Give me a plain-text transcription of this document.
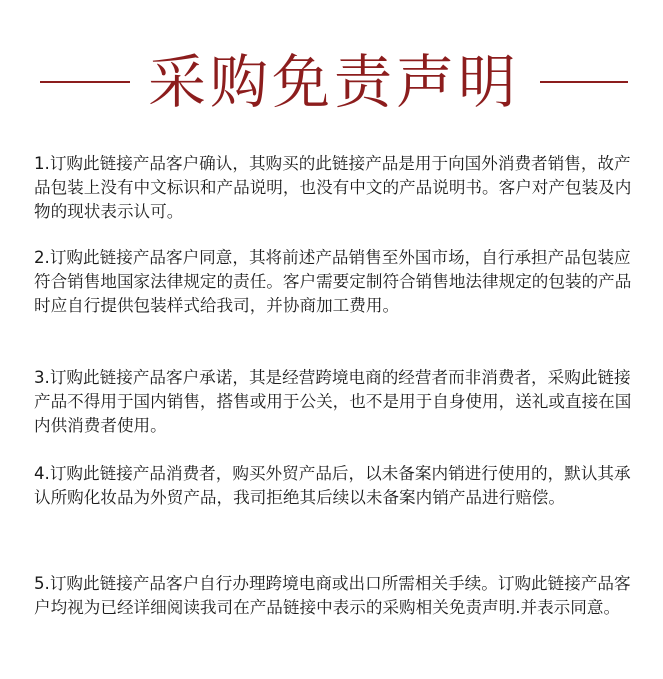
采购免责声明

1.订购此链接产品客户确认，其购买的此链接产品是用于向国外消费者销售，故产品包装上没有中文标识和产品说明，也没有中文的产品说明书。客户对产包装及内物的现状表示认可。

2.订购此链接产品客户同意，其将前述产品销售至外国市场，自行承担产品包装应符合销售地国家法律规定的责任。客户需要定制符合销售地法律规定的包装的产品时应自行提供包装样式给我司，并协商加工费用。

3.订购此链接产品客户承诺，其是经营跨境电商的经营者而非消费者，采购此链接产品不得用于国内销售，搭售或用于公关，也不是用于自身使用，送礼或直接在国内供消费者使用。

4.订购此链接产品消费者，购买外贸产品后，以未备案内销进行使用的，默认其承认所购化妆品为外贸产品，我司拒绝其后续以未备案内销产品进行赔偿。

5.订购此链接产品客户自行办理跨境电商或出口所需相关手续。订购此链接产品客户均视为已经详细阅读我司在产品链接中表示的采购相关免责声明.并表示同意。
